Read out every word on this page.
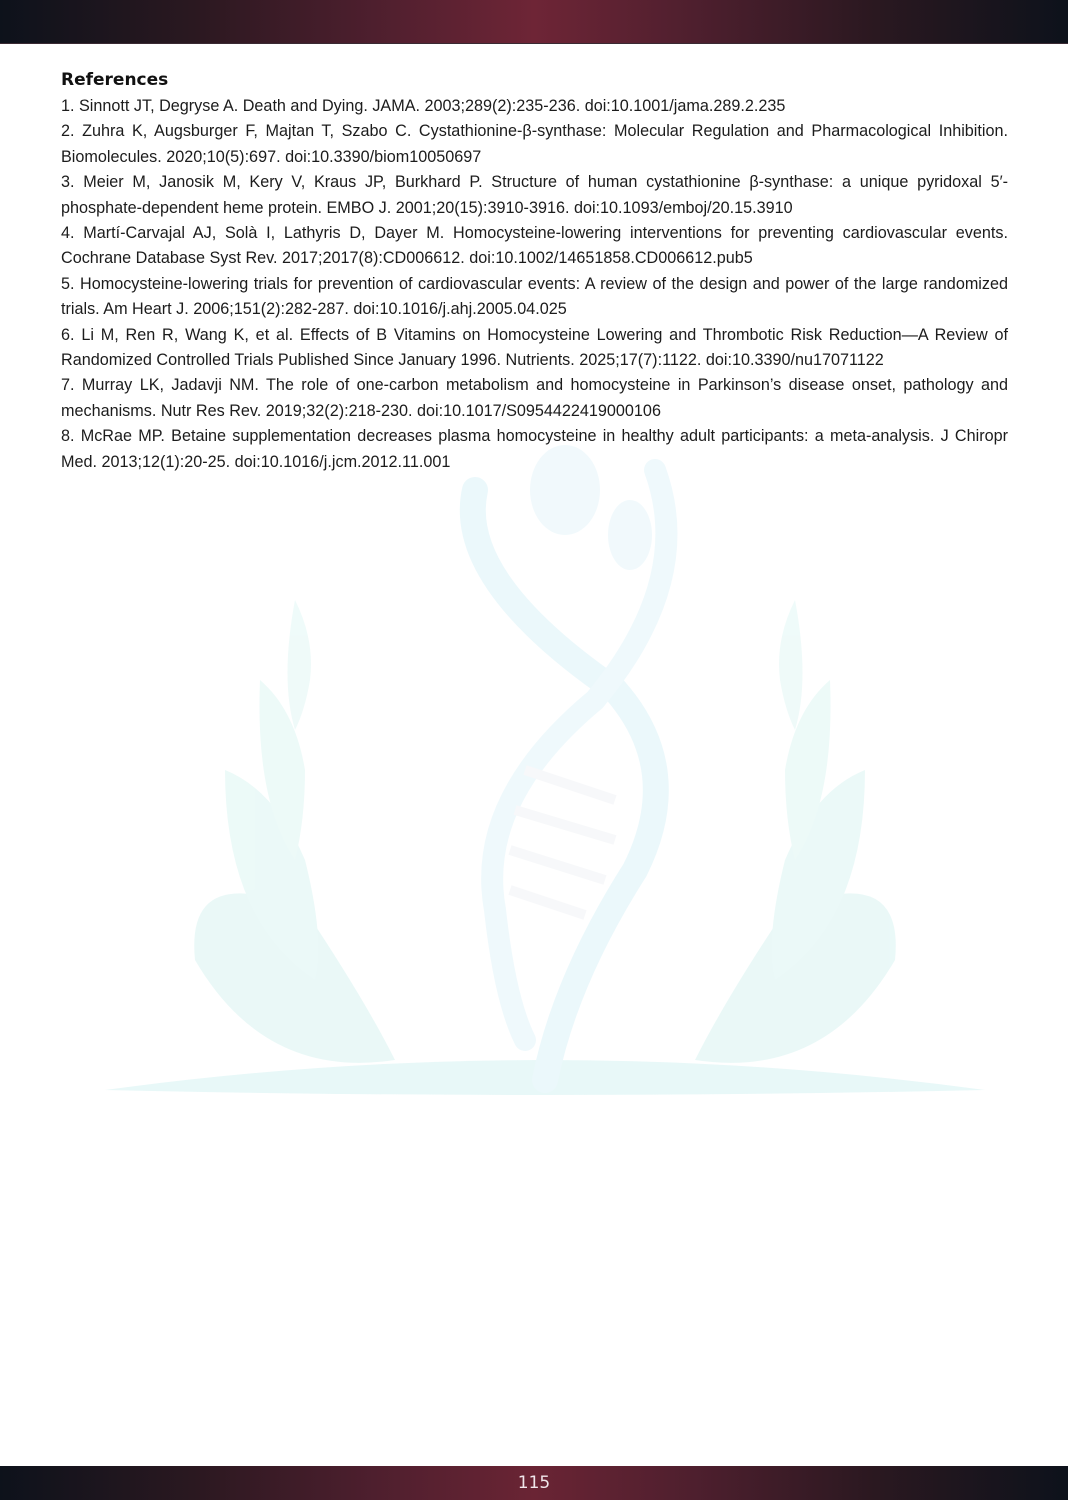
References

1. Sinnott JT, Degryse A. Death and Dying. JAMA. 2003;289(2):235-236. doi:10.1001/jama.289.2.235

2. Zuhra K, Augsburger F, Majtan T, Szabo C. Cystathionine-β-synthase: Molecular Regulation and Pharmacological Inhibition. Biomolecules. 2020;10(5):697. doi:10.3390/biom10050697

3. Meier M, Janosik M, Kery V, Kraus JP, Burkhard P. Structure of human cystathionine β-synthase: a unique pyridoxal 5′-phosphate-dependent heme protein. EMBO J. 2001;20(15):3910-3916. doi:10.1093/emboj/20.15.3910

4. Martí-Carvajal AJ, Solà I, Lathyris D, Dayer M. Homocysteine-lowering interventions for preventing cardiovascular events. Cochrane Database Syst Rev. 2017;2017(8):CD006612. doi:10.1002/14651858.CD006612.pub5

5. Homocysteine-lowering trials for prevention of cardiovascular events: A review of the design and power of the large randomized trials. Am Heart J. 2006;151(2):282-287. doi:10.1016/j.ahj.2005.04.025

6. Li M, Ren R, Wang K, et al. Effects of B Vitamins on Homocysteine Lowering and Thrombotic Risk Reduction—A Review of Randomized Controlled Trials Published Since January 1996. Nutrients. 2025;17(7):1122. doi:10.3390/nu17071122

7. Murray LK, Jadavji NM. The role of one-carbon metabolism and homocysteine in Parkinson’s disease onset, pathology and mechanisms. Nutr Res Rev. 2019;32(2):218-230. doi:10.1017/S0954422419000106

8. McRae MP. Betaine supplementation decreases plasma homocysteine in healthy adult participants: a meta-analysis. J Chiropr Med. 2013;12(1):20-25. doi:10.1016/j.jcm.2012.11.001

115
